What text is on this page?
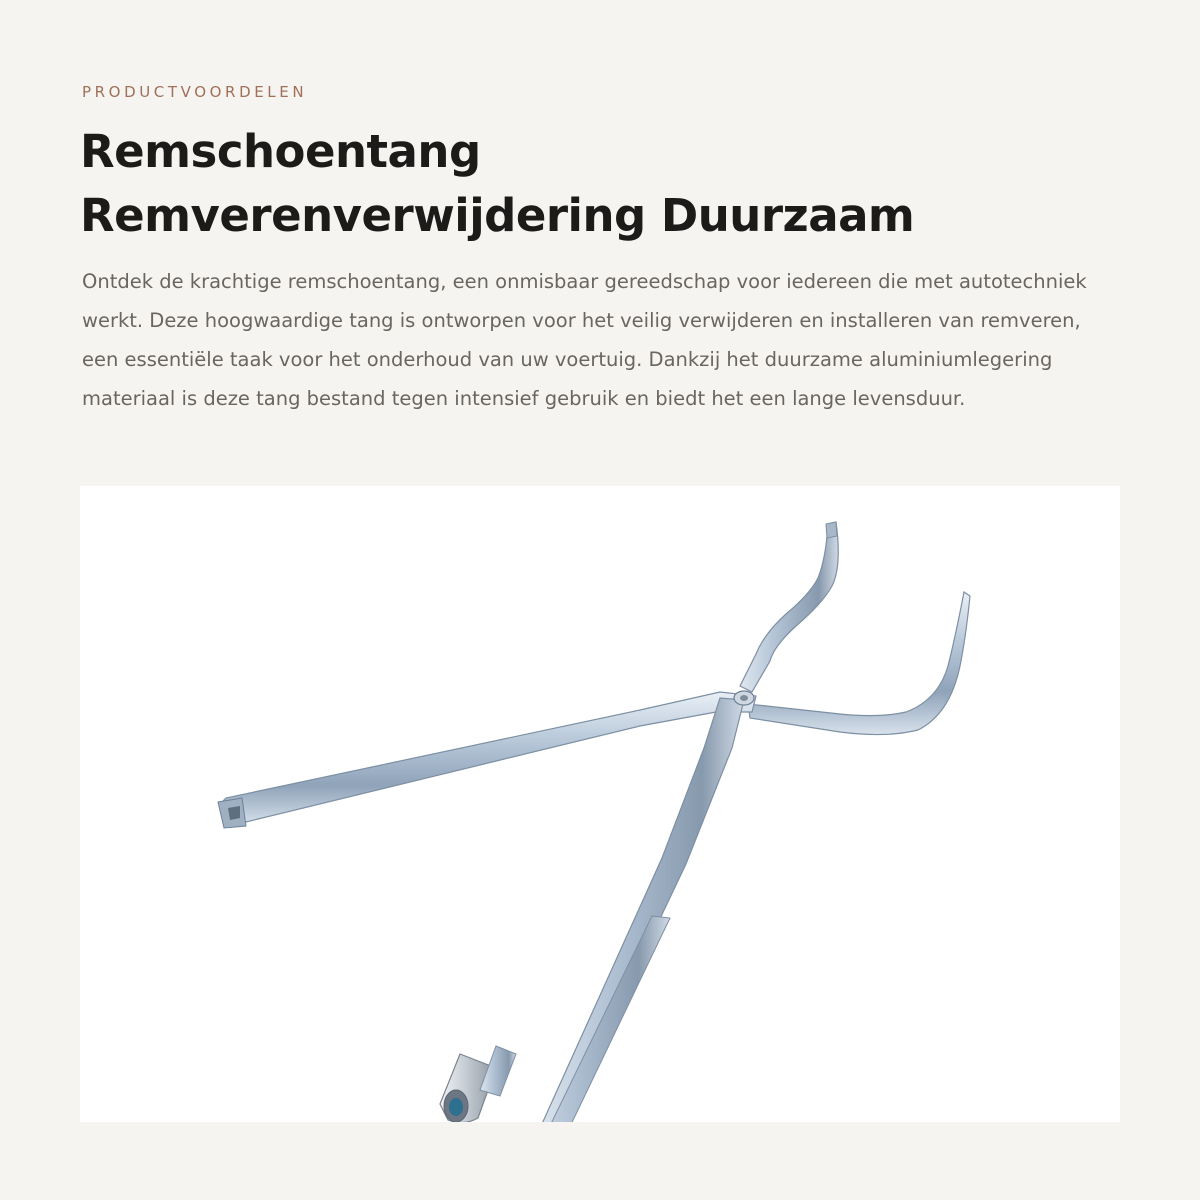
PRODUCTVOORDELEN
Remschoentang
Remverenverwijdering Duurzaam

Ontdek de krachtige remschoentang, een onmisbaar gereedschap voor iedereen die met autotechniek werkt. Deze hoogwaardige tang is ontworpen voor het veilig verwijderen en installeren van remveren, een essentiële taak voor het onderhoud van uw voertuig. Dankzij het duurzame aluminiumlegering materiaal is deze tang bestand tegen intensief gebruik en biedt het een lange levensduur.
